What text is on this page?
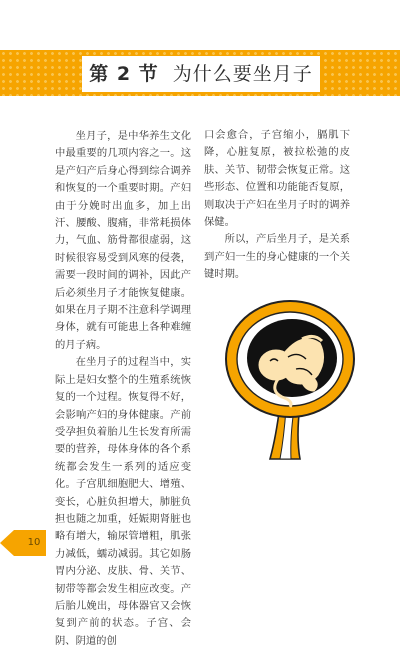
第 2 节 为什么要坐月子

坐月子，是中华养生文化中最重要的几项内容之一。这是产妇产后身心得到综合调养和恢复的一个重要时期。产妇由于分娩时出血多，加上出汗、腰酸、腹痛，非常耗损体力，气血、筋骨都很虚弱，这时候很容易受到风寒的侵袭，需要一段时间的调补，因此产后必须坐月子才能恢复健康。如果在月子期不注意科学调理身体，就有可能患上各种难缠的月子病。

在坐月子的过程当中，实际上是妇女整个的生殖系统恢复的一个过程。恢复得不好，会影响产妇的身体健康。产前受孕担负着胎儿生长发育所需要的营养，母体身体的各个系统都会发生一系列的适应变化。子宫肌细胞肥大、增殖、变长，心脏负担增大，肺脏负担也随之加重，妊娠期肾脏也略有增大，输尿管增粗，肌张力减低，蠕动减弱。其它如肠胃内分泌、皮肤、骨、关节、韧带等都会发生相应改变。产后胎儿娩出，母体器官又会恢复到产前的状态。子宫、会阴、阴道的创

口会愈合，子宫缩小，膈肌下降，心脏复原，被拉松弛的皮肤、关节、韧带会恢复正常。这些形态、位置和功能能否复原，则取决于产妇在坐月子时的调养保健。

所以，产后坐月子，是关系到产妇一生的身心健康的一个关键时期。

10
